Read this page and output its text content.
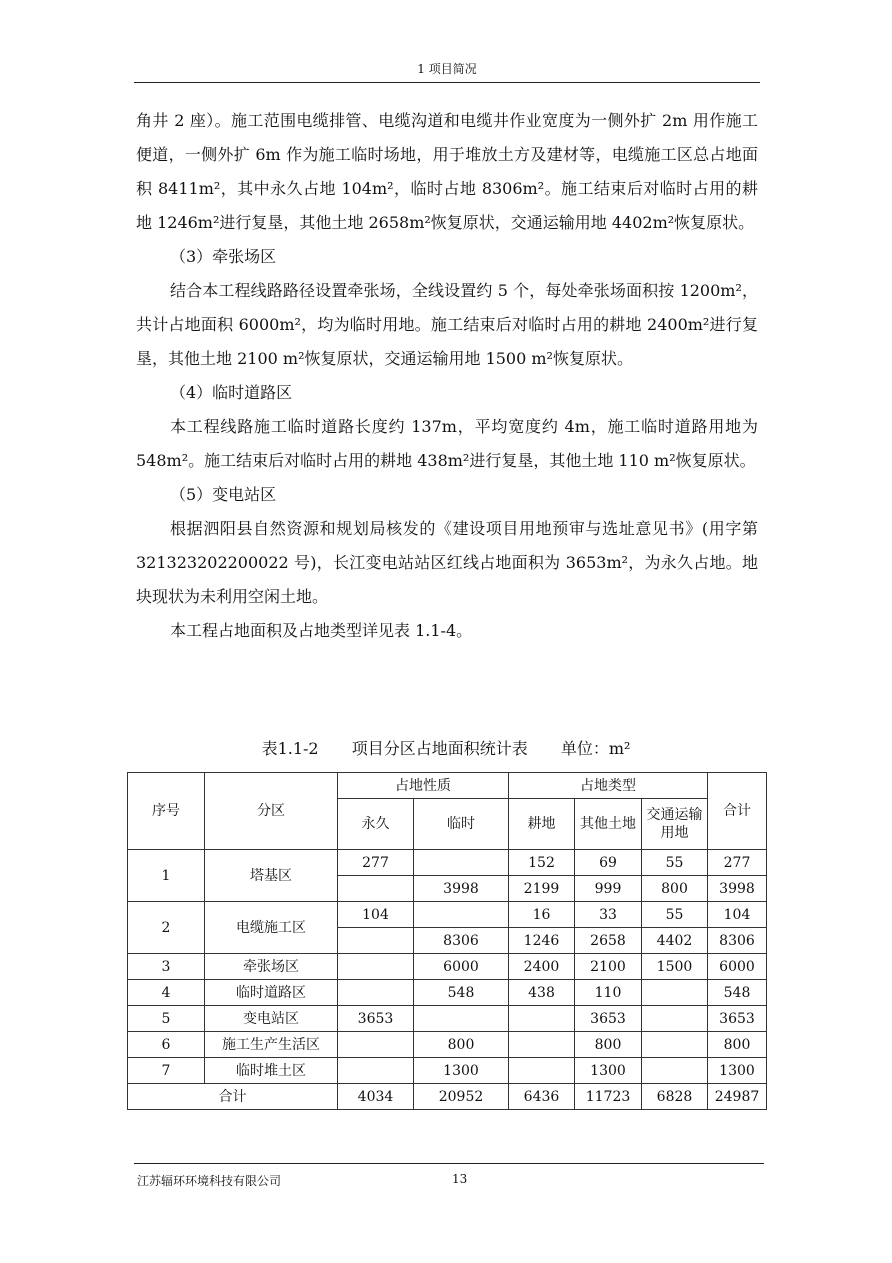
1 项目简况

角井 2 座）。施工范围电缆排管、电缆沟道和电缆井作业宽度为一侧外扩 2m 用作施工便道，一侧外扩 6m 作为施工临时场地，用于堆放土方及建材等，电缆施工区总占地面积 8411m²，其中永久占地 104m²，临时占地 8306m²。施工结束后对临时占用的耕地 1246m²进行复垦，其他土地 2658m²恢复原状，交通运输用地 4402m²恢复原状。

（3）牵张场区

结合本工程线路路径设置牵张场，全线设置约 5 个，每处牵张场面积按 1200m²，共计占地面积 6000m²，均为临时用地。施工结束后对临时占用的耕地 2400m²进行复垦，其他土地 2100 m²恢复原状，交通运输用地 1500 m²恢复原状。

（4）临时道路区

本工程线路施工临时道路长度约 137m，平均宽度约 4m，施工临时道路用地为 548m²。施工结束后对临时占用的耕地 438m²进行复垦，其他土地 110 m²恢复原状。

（5）变电站区

根据泗阳县自然资源和规划局核发的《建设项目用地预审与选址意见书》(用字第 321323202200022 号)，长江变电站站区红线占地面积为 3653m²，为永久占地。地块现状为未利用空闲土地。

本工程占地面积及占地类型详见表 1.1-4。

表1.1-2 项目分区占地面积统计表 单位：m²
序号	分区	占地性质		占地类型			合计
		永久	临时	耕地	其他土地	交通运输用地	
1	塔基区	277		152	69	55	277
			3998	2199	999	800	3998
2	电缆施工区	104		16	33	55	104
			8306	1246	2658	4402	8306
3	牵张场区		6000	2400	2100	1500	6000
4	临时道路区		548	438	110		548
5	变电站区	3653			3653		3653
6	施工生产生活区		800		800		800
7	临时堆土区		1300		1300		1300
合计		4034	20952	6436	11723	6828	24987
江苏辐环环境科技有限公司	13
